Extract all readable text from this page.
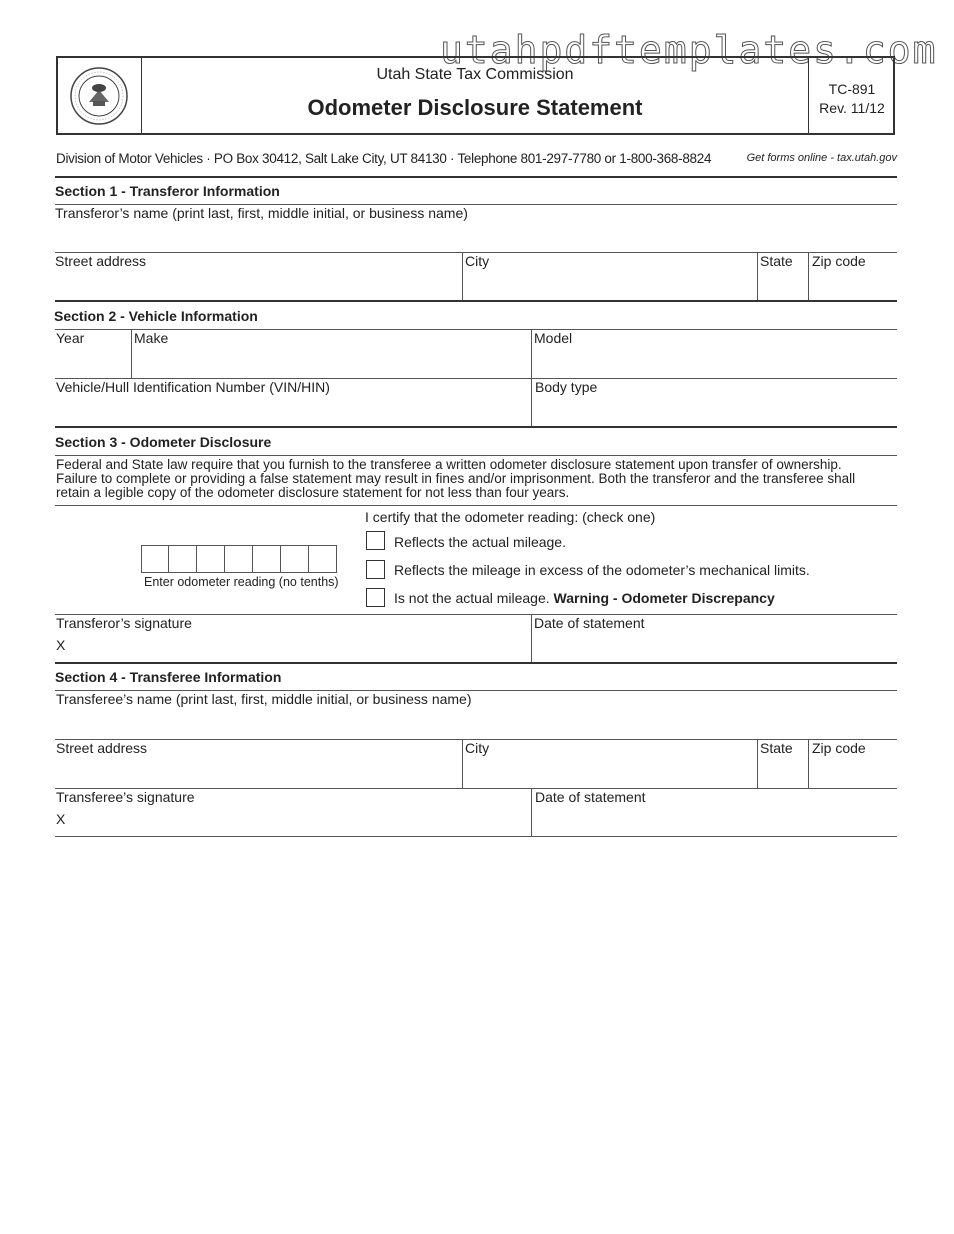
utahpdftemplates.com
Utah State Tax Commission
Odometer Disclosure Statement
TC-891
Rev. 11/12
Division of Motor Vehicles · PO Box 30412, Salt Lake City, UT 84130 · Telephone 801-297-7780 or 1-800-368-8824	Get forms online - tax.utah.gov
Section 1 - Transferor Information
Transferor’s name (print last, first, middle initial, or business name)
Street address	City	State Zip code
Section 2 - Vehicle Information
Year	Make	Model
Vehicle/Hull Identification Number (VIN/HIN)	Body type
Section 3 - Odometer Disclosure
Federal and State law require that you furnish to the transferee a written odometer disclosure statement upon transfer of ownership.
Failure to complete or providing a false statement may result in fines and/or imprisonment. Both the transferor and the transferee shall
retain a legible copy of the odometer disclosure statement for not less than four years.
I certify that the odometer reading: (check one)
Enter odometer reading (no tenths)
Reflects the actual mileage.
Reflects the mileage in excess of the odometer’s mechanical limits.
Is not the actual mileage. Warning - Odometer Discrepancy
Transferor’s signature
X
Date of statement
Section 4 - Transferee Information
Transferee’s name (print last, first, middle initial, or business name)
Street address	City	State Zip code
Transferee’s signature
X
Date of statement
